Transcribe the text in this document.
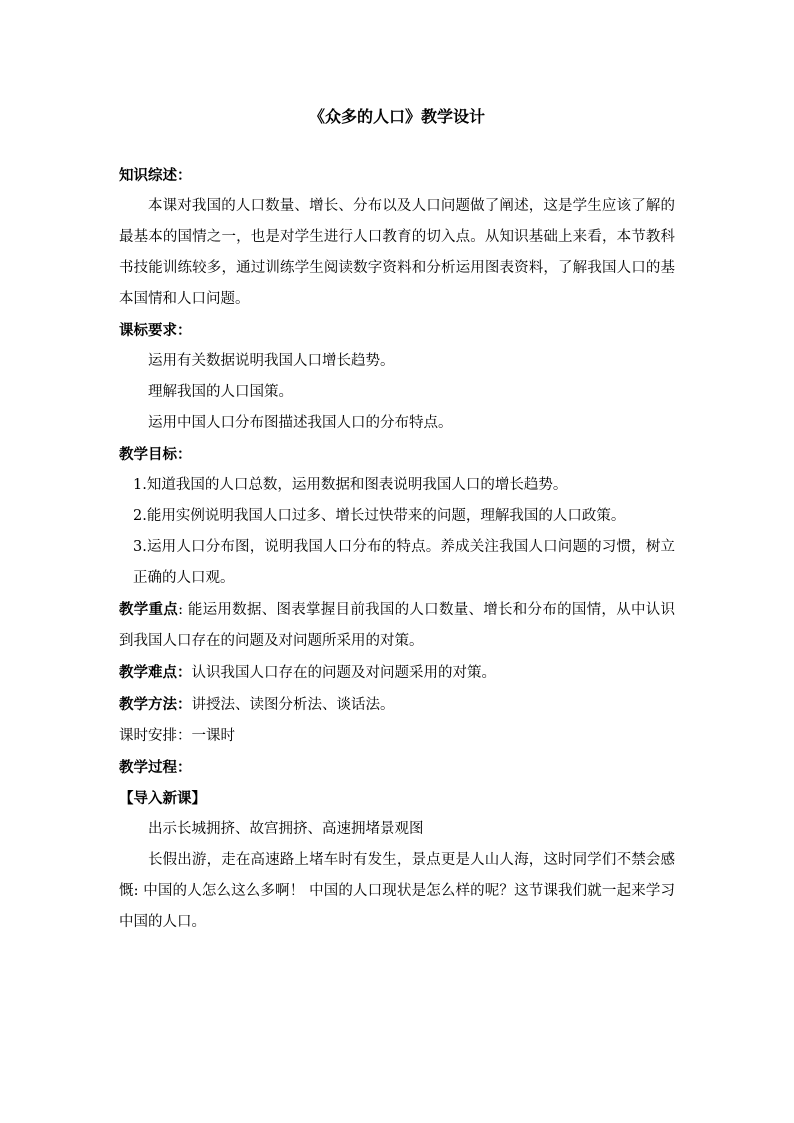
《众多的人口》教学设计

知识综述：

本课对我国的人口数量、增长、分布以及人口问题做了阐述，这是学生应该了解的最基本的国情之一，也是对学生进行人口教育的切入点。从知识基础上来看，本节教科书技能训练较多，通过训练学生阅读数字资料和分析运用图表资料，了解我国人口的基本国情和人口问题。

课标要求：

运用有关数据说明我国人口增长趋势。

理解我国的人口国策。

运用中国人口分布图描述我国人口的分布特点。

教学目标：

1.知道我国的人口总数，运用数据和图表说明我国人口的增长趋势。

2.能用实例说明我国人口过多、增长过快带来的问题，理解我国的人口政策。

3.运用人口分布图，说明我国人口分布的特点。养成关注我国人口问题的习惯，树立正确的人口观。

教学重点: 能运用数据、图表掌握目前我国的人口数量、增长和分布的国情，从中认识到我国人口存在的问题及对问题所采用的对策。

教学难点：认识我国人口存在的问题及对问题采用的对策。

教学方法：讲授法、读图分析法、谈话法。

课时安排：一课时

教学过程：

【导入新课】

出示长城拥挤、故宫拥挤、高速拥堵景观图

长假出游，走在高速路上堵车时有发生，景点更是人山人海，这时同学们不禁会感慨: 中国的人怎么这么多啊！ 中国的人口现状是怎么样的呢？这节课我们就一起来学习中国的人口。
